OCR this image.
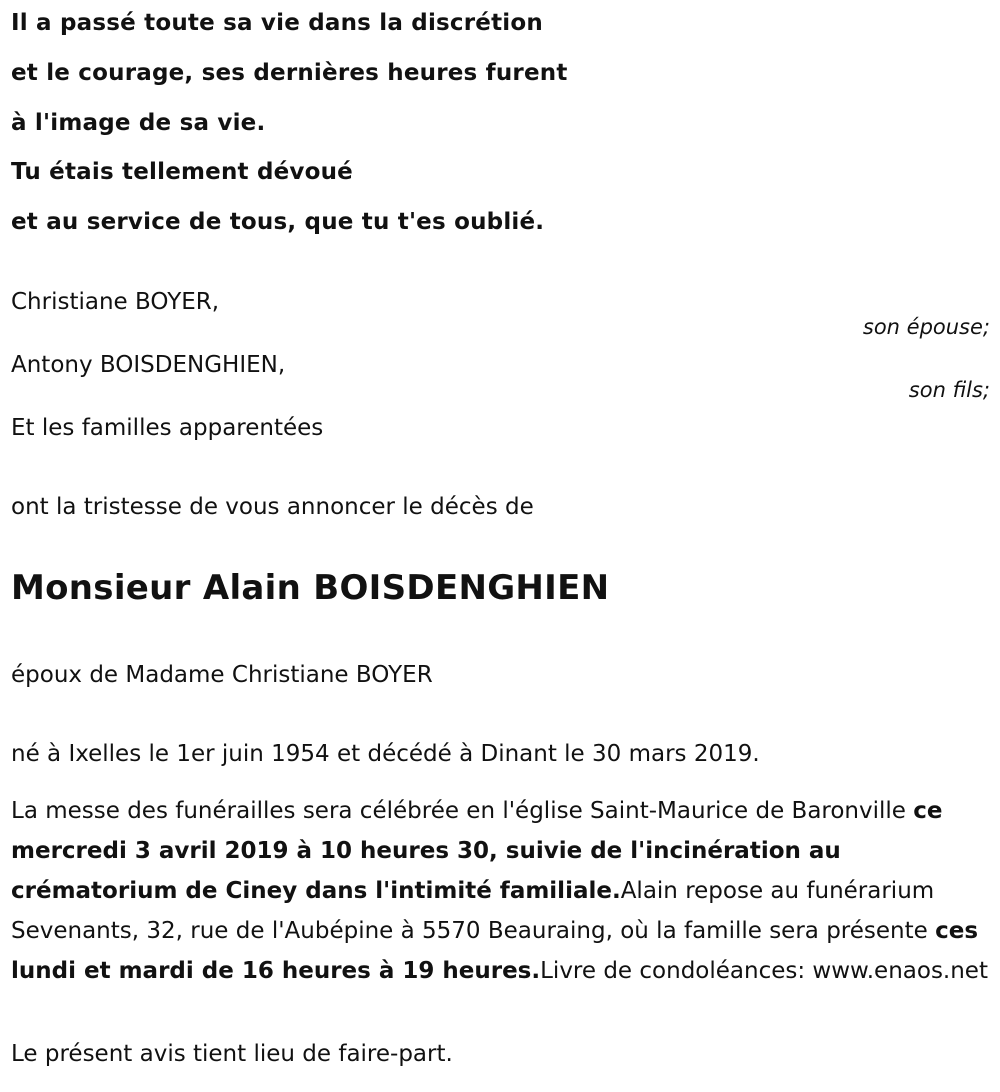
Il a passé toute sa vie dans la discrétion
et le courage, ses dernières heures furent
à l'image de sa vie.
Tu étais tellement dévoué
et au service de tous, que tu t'es oublié.
Christiane BOYER,
son épouse;
Antony BOISDENGHIEN,
son fils;
Et les familles apparentées
ont la tristesse de vous annoncer le décès de
Monsieur Alain BOISDENGHIEN
époux de Madame Christiane BOYER
né à Ixelles le 1er juin 1954 et décédé à Dinant le 30 mars 2019.

La messe des funérailles sera célébrée en l'église Saint-Maurice de Baronville ce mercredi 3 avril 2019 à 10 heures 30, suivie de l'incinération au crématorium de Ciney dans l'intimité familiale.Alain repose au funérarium Sevenants, 32, rue de l'Aubépine à 5570 Beauraing, où la famille sera présente ces lundi et mardi de 16 heures à 19 heures.Livre de condoléances: www.enaos.net

Le présent avis tient lieu de faire-part.
